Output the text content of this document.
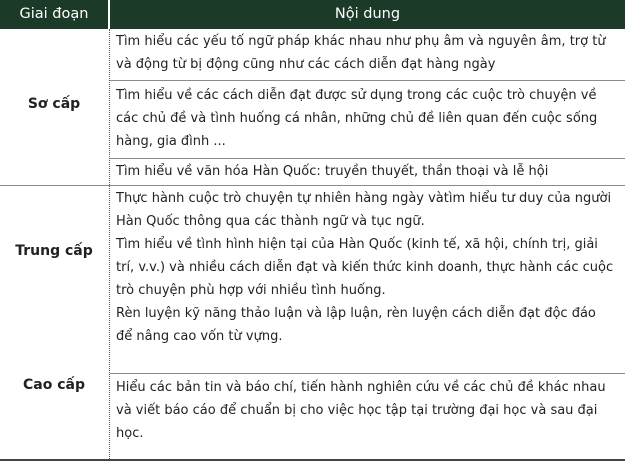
Giai đoạn	Nội dung
Sơ cấp
Trung cấp
Cao cấp
Tìm hiểu các yếu tố ngữ pháp khác nhau như phụ âm và nguyên âm, trợ từ
và động từ bị động cũng như các cách diễn đạt hàng ngày
Tìm hiểu về các cách diễn đạt được sử dụng trong các cuộc trò chuyện về
các chủ đề và tình huống cá nhân, những chủ đề liên quan đến cuộc sống
hàng, gia đình ...
Tìm hiểu về văn hóa Hàn Quốc: truyền thuyết, thần thoại và lễ hội
Thực hành cuộc trò chuyện tự nhiên hàng ngày vàtìm hiểu tư duy của người
Hàn Quốc thông qua các thành ngữ và tục ngữ.
Tìm hiểu về tình hình hiện tại của Hàn Quốc (kinh tế, xã hội, chính trị, giải
trí, v.v.) và nhiều cách diễn đạt và kiến thức kinh doanh, thực hành các cuộc
trò chuyện phù hợp với nhiều tình huống.
Rèn luyện kỹ năng thảo luận và lập luận, rèn luyện cách diễn đạt độc đáo
để nâng cao vốn từ vựng.
Hiểu các bản tin và báo chí, tiến hành nghiên cứu về các chủ đề khác nhau
và viết báo cáo để chuẩn bị cho việc học tập tại trường đại học và sau đại
học.
